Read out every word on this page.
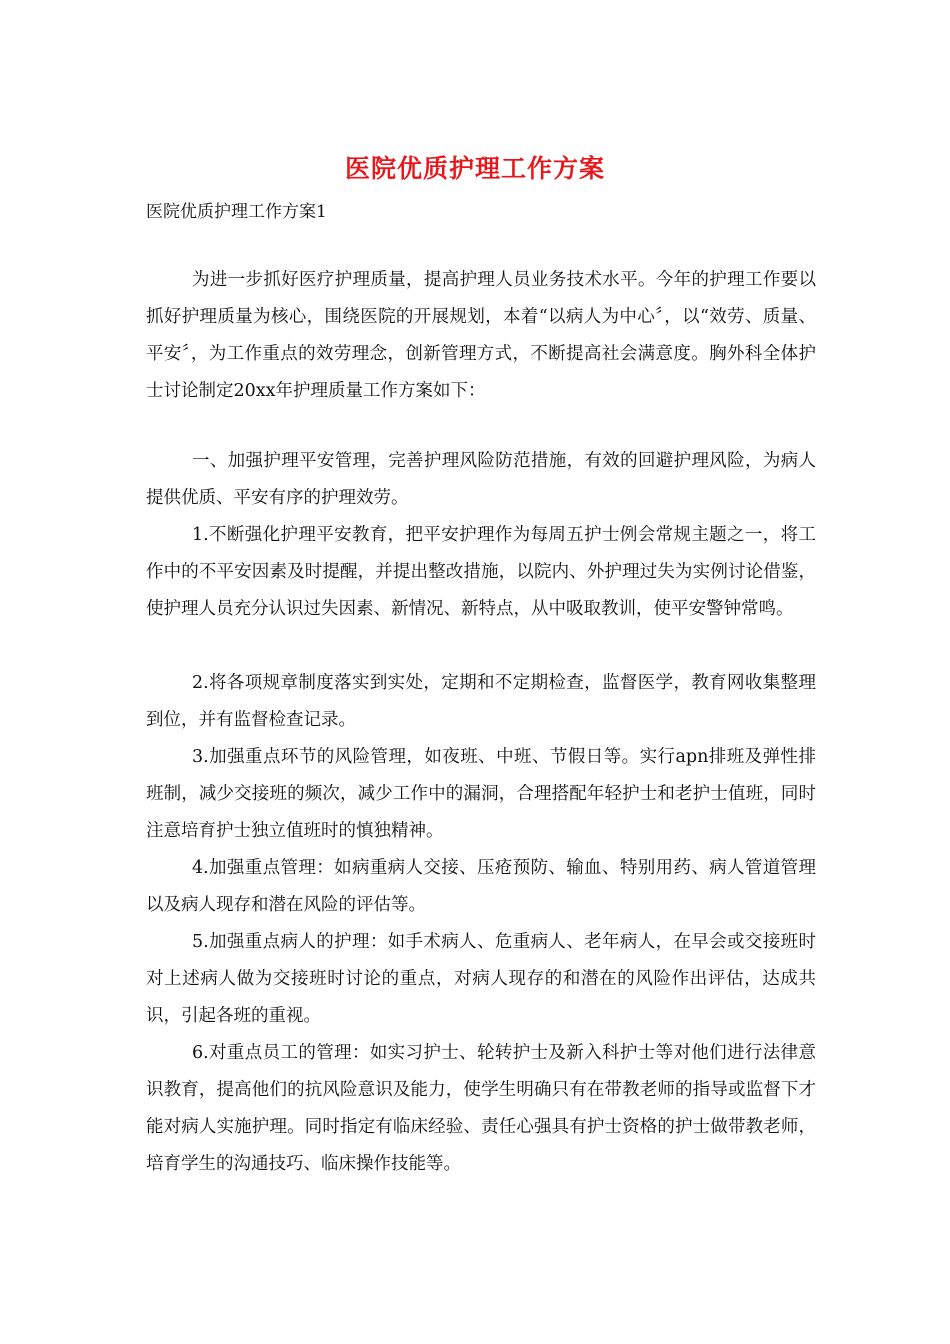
医院优质护理工作方案
医院优质护理工作方案1

为进一步抓好医疗护理质量，提高护理人员业务技术水平。今年的护理工作要以抓好护理质量为核心，围绕医院的开展规划，本着“以病人为中心〞，以“效劳、质量、平安〞，为工作重点的效劳理念，创新管理方式，不断提高社会满意度。胸外科全体护士讨论制定20xx年护理质量工作方案如下：

一、加强护理平安管理，完善护理风险防范措施，有效的回避护理风险，为病人提供优质、平安有序的护理效劳。

1.不断强化护理平安教育，把平安护理作为每周五护士例会常规主题之一，将工作中的不平安因素及时提醒，并提出整改措施，以院内、外护理过失为实例讨论借鉴，使护理人员充分认识过失因素、新情况、新特点，从中吸取教训，使平安警钟常鸣。

2.将各项规章制度落实到实处，定期和不定期检查，监督医学，教育网收集整理到位，并有监督检查记录。

3.加强重点环节的风险管理，如夜班、中班、节假日等。实行apn排班及弹性排班制，减少交接班的频次，减少工作中的漏洞，合理搭配年轻护士和老护士值班，同时注意培育护士独立值班时的慎独精神。

4.加强重点管理：如病重病人交接、压疮预防、输血、特别用药、病人管道管理以及病人现存和潜在风险的评估等。

5.加强重点病人的护理：如手术病人、危重病人、老年病人，在早会或交接班时对上述病人做为交接班时讨论的重点，对病人现存的和潜在的风险作出评估，达成共识，引起各班的重视。

6.对重点员工的管理：如实习护士、轮转护士及新入科护士等对他们进行法律意识教育，提高他们的抗风险意识及能力，使学生明确只有在带教老师的指导或监督下才能对病人实施护理。同时指定有临床经验、责任心强具有护士资格的护士做带教老师，培育学生的沟通技巧、临床操作技能等。
